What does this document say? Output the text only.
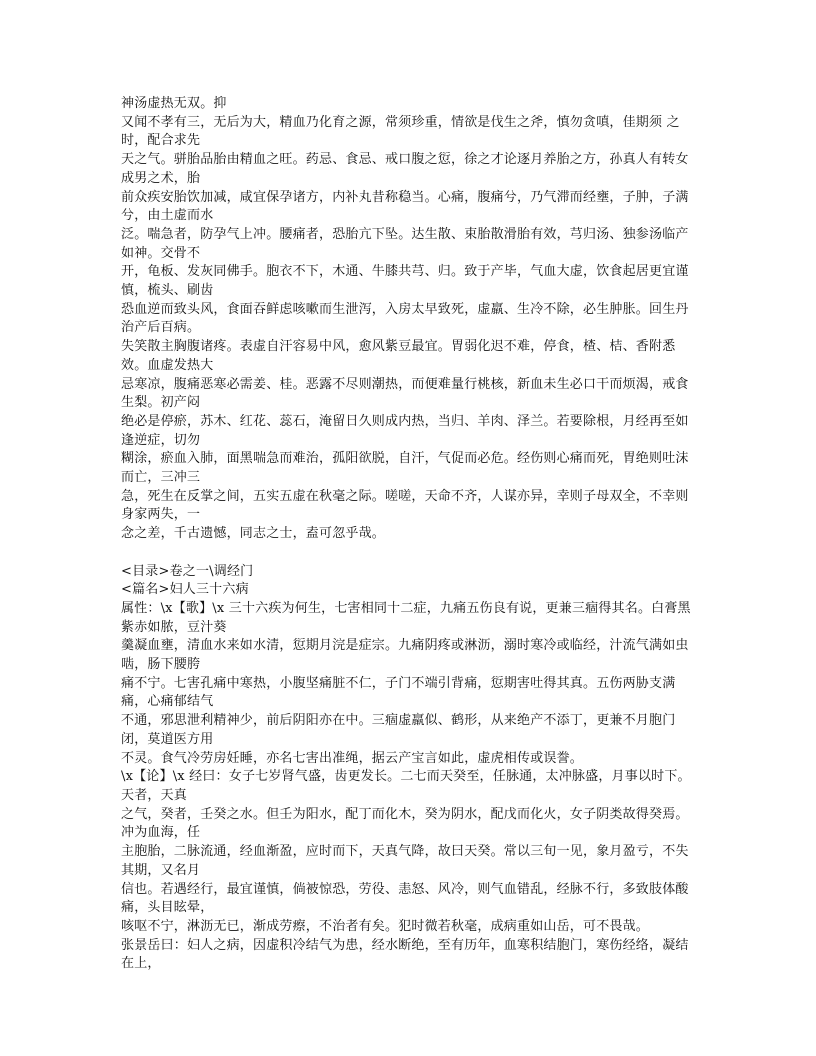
神汤虚热无双。抑
又闻不孝有三，无后为大，精血乃化育之源，常须珍重，情欲是伐生之斧，慎勿贪嗔，佳期须 之时，配合求先
天之气。骈胎品胎由精血之旺。药忌、食忌、戒口腹之愆，徐之才论逐月养胎之方，孙真人有转女成男之术，胎
前众疾安胎饮加减，咸宜保孕诸方，内补丸昔称稳当。心痛，腹痛兮，乃气滞而经壅，子肿，子满兮，由土虚而水
泛。喘急者，防孕气上冲。腰痛者，恐胎亢下坠。达生散、束胎散滑胎有效，芎归汤、独参汤临产如神。交骨不
开，龟板、发灰同佛手。胞衣不下，木通、牛膝共芎、归。致于产毕，气血大虚，饮食起居更宜谨慎，梳头、刷齿
恐血逆而致头风，食面吞鲜虑咳嗽而生泄泻，入房太早致死，虚羸、生冷不除，必生肿胀。回生丹治产后百病。
失笑散主胸腹诸疼。表虚自汗容易中风，愈风紫豆最宜。胃弱化迟不难，停食，楂、桔、香附悉效。血虚发热大
忌寒凉，腹痛恶寒必需姜、桂。恶露不尽则潮热，而便难量行桃核，新血未生必口干而烦渴，戒食生梨。初产闷
绝必是停瘀，苏木、红花、蕊石，淹留日久则成内热，当归、羊肉、泽兰。若要除根，月经再至如逢逆症，切勿
糊涂，瘀血入肺，面黑喘急而难治，孤阳欲脱，自汗，气促而必危。经伤则心痛而死，胃绝则吐沫而亡，三冲三
急，死生在反掌之间，五实五虚在秋毫之际。嗟嗟，天命不齐，人谋亦异，幸则子母双全，不幸则身家两失，一
念之差，千古遗憾，同志之士，盍可忽乎哉。
<目录>卷之一\调经门
<篇名>妇人三十六病
属性：\x【歌】\x 三十六疾为何生，七害相同十二症，九痛五伤良有说，更兼三痼得其名。白膏黑紫赤如脓，豆汁葵
羹凝血壅，清血水来如水清，愆期月浣是症宗。九痛阴疼或淋沥，溺时寒冷或临经，汁流气满如虫啮，肠下腰胯
痛不宁。七害孔痛中寒热，小腹坚痛脏不仁，子门不端引背痛，愆期害吐得其真。五伤两胁支满痛，心痛郁结气
不通，邪思泄利精神少，前后阴阳亦在中。三痼虚羸似、鹤形，从来绝产不添丁，更兼不月胞门闭，莫道医方用
不灵。食气冷劳房妊睡，亦名七害出准绳，据云产宝言如此，虚虎相传或误誊。
\x【论】\x 经曰：女子七岁肾气盛，齿更发长。二七而天癸至，任脉通，太冲脉盛，月事以时下。天者，天真
之气，癸者，壬癸之水。但壬为阳水，配丁而化木，癸为阴水，配戊而化火，女子阴类故得癸焉。冲为血海，任
主胞胎，二脉流通，经血渐盈，应时而下，天真气降，故曰天癸。常以三旬一见，象月盈亏，不失其期，又名月
信也。若遇经行，最宜谨慎，倘被惊恐，劳役、恚怒、风冷，则气血错乱，经脉不行，多致肢体酸痛，头目眩晕，
咳呕不宁，淋沥无已，渐成劳瘵，不治者有矣。犯时微若秋毫，成病重如山岳，可不畏哉。
张景岳曰：妇人之病，因虚积冷结气为患，经水断绝，至有历年，血寒积结胞门，寒伤经络，凝结在上，
